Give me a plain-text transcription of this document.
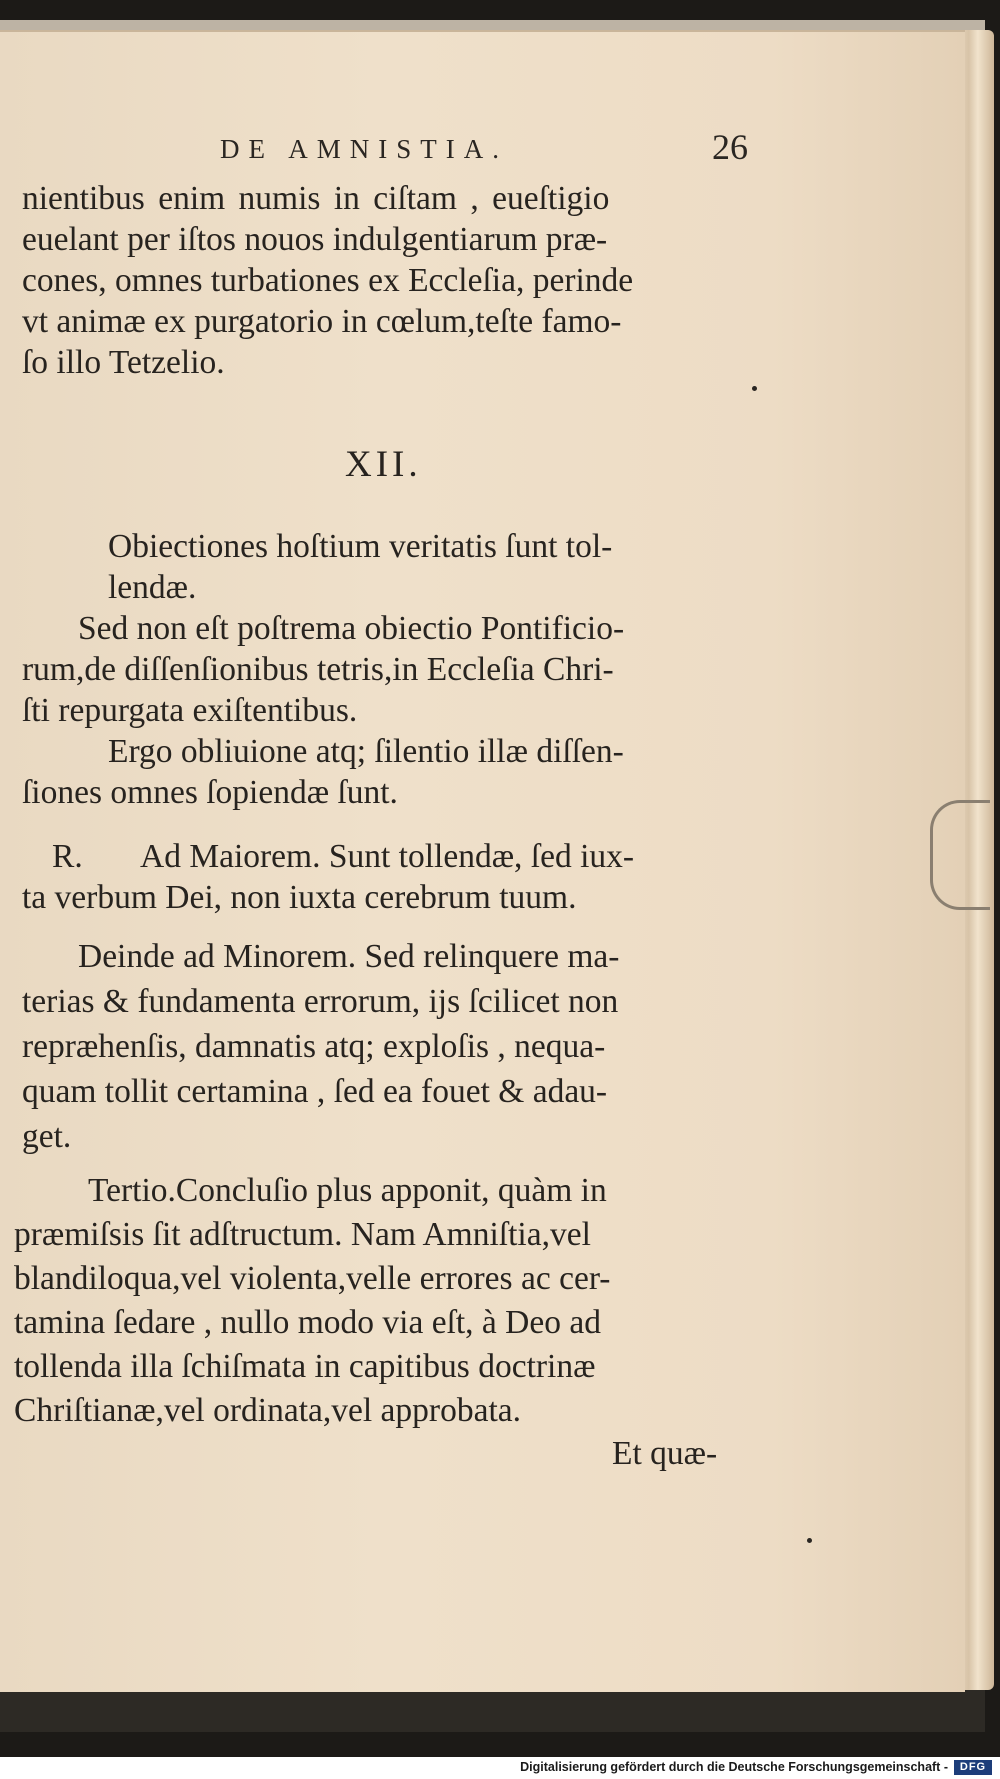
DE AMNISTIA.	26
nientibus enim numis in ciſtam , eueſtigio
euelant per iſtos nouos indulgentiarum præ-
cones, omnes turbationes ex Eccleſia, perinde
vt animæ ex purgatorio in cœlum,teſte famo-
ſo illo Tetzelio.
XII.
Obiectiones hoſtium veritatis ſunt tol-
lendæ.
Sed non eſt poſtrema obiectio Pontificio-
rum,de diſſenſionibus tetris,in Eccleſia Chri-
ſti repurgata exiſtentibus.
Ergo obliuione atq; ſilentio illæ diſſen-
ſiones omnes ſopiendæ ſunt.
R. Ad Maiorem. Sunt tollendæ, ſed iux-
ta verbum Dei, non iuxta cerebrum tuum.
Deinde ad Minorem. Sed relinquere ma-
terias & fundamenta errorum, ijs ſcilicet non
repræhenſis, damnatis atq; exploſis , nequa-
quam tollit certamina , ſed ea fouet & adau-
get.
Tertio.Concluſio plus apponit, quàm in
præmiſsis ſit adſtructum. Nam Amniſtia,vel
blandiloqua,vel violenta,velle errores ac cer-
tamina ſedare , nullo modo via eſt, à Deo ad
tollenda illa ſchiſmata in capitibus doctrinæ
Chriſtianæ,vel ordinata,vel approbata.
Et quæ-
Digitalisierung gefördert durch die Deutsche Forschungsgemeinschaft -	DFG
